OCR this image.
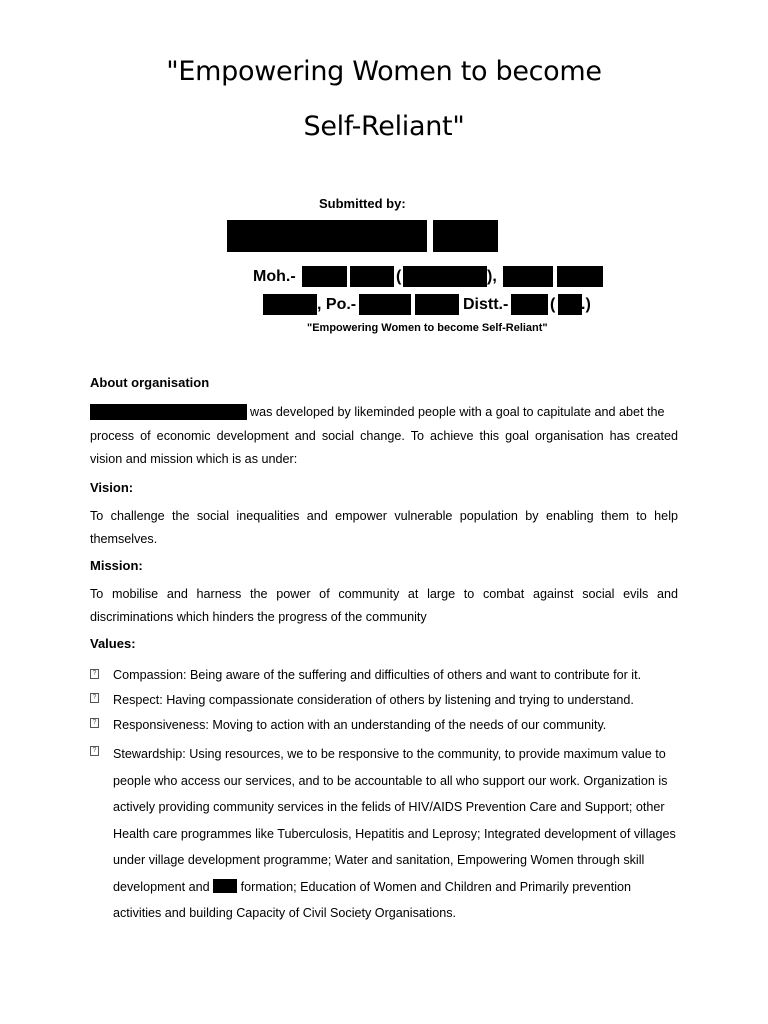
"Empowering Women to become
Self-Reliant"
Submitted by:
Moh.-	(	),
, Po.-	Distt.-	( .)
"Empowering Women to become Self-Reliant"
About organisation
was developed by likeminded people with a goal to capitulate and abet the
process of economic development and social change. To achieve this goal organisation has created vision and mission which is as under:
Vision:
To challenge the social inequalities and empower vulnerable population by enabling them to help themselves.
Mission:
To mobilise and harness the power of community at large to combat against social evils and discriminations which hinders the progress of the community
Values:
? Compassion: Being aware of the suffering and difficulties of others and want to contribute for it.
? Respect: Having compassionate consideration of others by listening and trying to understand.
? Responsiveness: Moving to action with an understanding of the needs of our community.
? Stewardship: Using resources, we to be responsive to the community, to provide maximum value to people who access our services, and to be accountable to all who support our work. Organization is actively providing community services in the felids of HIV/AIDS Prevention Care and Support; other Health care programmes like Tuberculosis, Hepatitis and Leprosy; Integrated development of villages under village development programme; Water and sanitation, Empowering Women through skill development and formation; Education of Women and Children and Primarily prevention activities and building Capacity of Civil Society Organisations.
